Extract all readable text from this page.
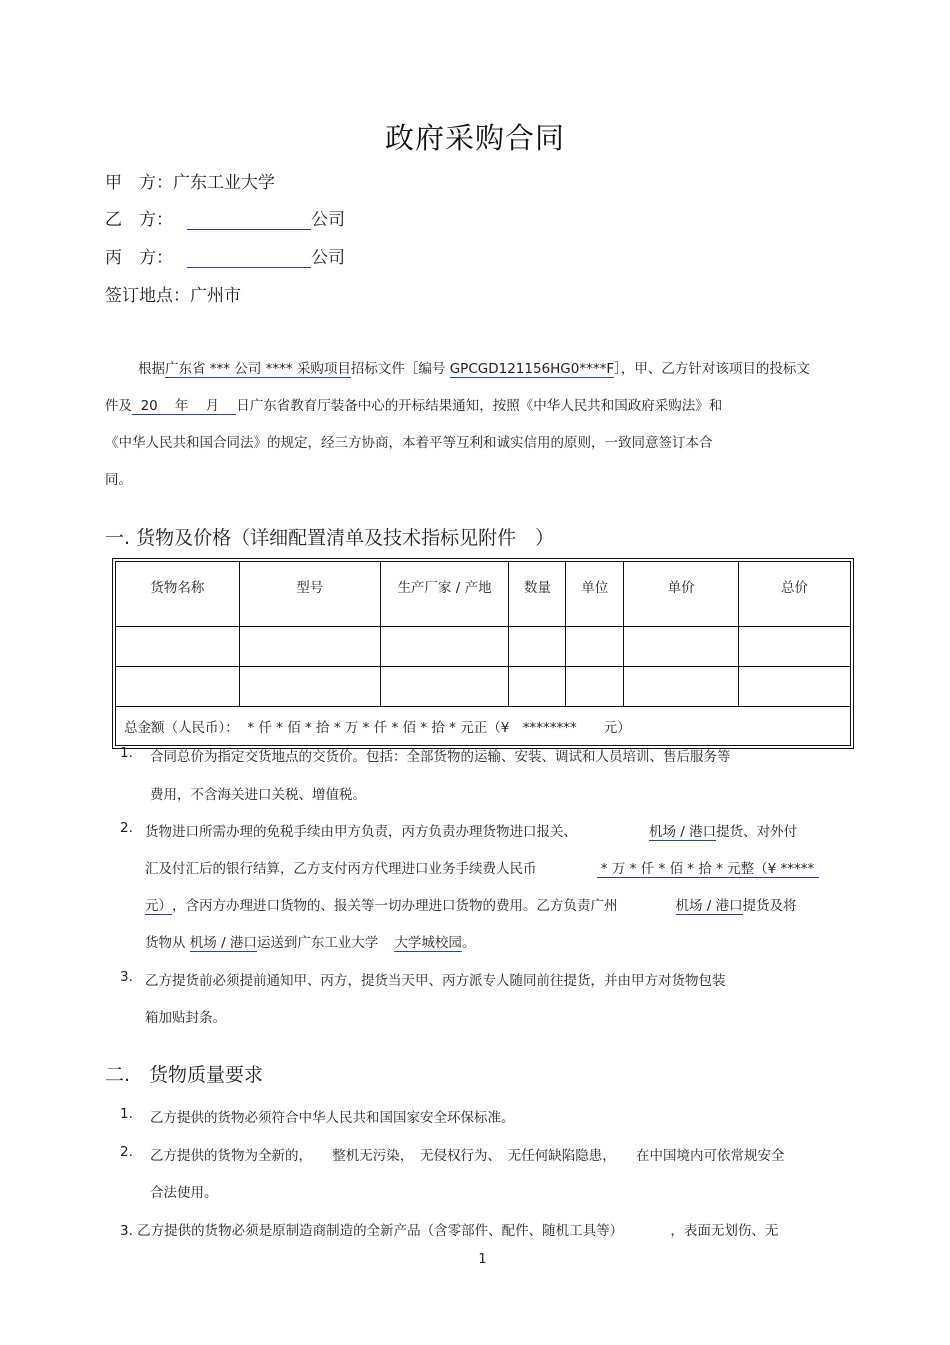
政府采购合同
甲　方：广东工业大学
乙　方：	公司
丙　方：	公司
签订地点：广州市
根据广东省 *** 公司 **** 采购项目招标文件［编号 GPCGD121156HG0****F］，甲、乙方针对该项目的投标文
件及  20    年    月    日广东省教育厅装备中心的开标结果通知，按照《中华人民共和国政府采购法》和
《中华人民共和国合同法》的规定，经三方协商，本着平等互利和诚实信用的原则，一致同意签订本合
同。
一. 货物及价格（详细配置清单及技术指标见附件　）
货物名称	型号	生产厂家 / 产地	数量	单位	单价	总价

总金额（人民币）：  * 仟 * 佰 * 拾 * 万 * 仟 * 佰 * 拾 * 元正（¥　********　　元）						
1. 合同总价为指定交货地点的交货价。包括：全部货物的运输、安装、调试和人员培训、售后服务等
费用，不含海关进口关税、增值税。
2. 货物进口所需办理的免税手续由甲方负责，丙方负责办理货物进口报关、	机场 / 港口提货、对外付
汇及付汇后的银行结算，乙方支付丙方代理进口业务手续费人民币	* 万 * 仟 * 佰 * 拾 * 元整（¥ *****
元），含丙方办理进口货物的、报关等一切办理进口货物的费用。乙方负责广州	机场 / 港口提货及将
货物从 机场 / 港口运送到广东工业大学 大学城校园。
3. 乙方提货前必须提前通知甲、丙方，提货当天甲、丙方派专人随同前往提货，并由甲方对货物包装
箱加贴封条。
二.　货物质量要求
1. 乙方提供的货物必须符合中华人民共和国国家安全环保标准。
2. 乙方提供的货物为全新的，　　整机无污染，　无侵权行为、　无任何缺陷隐患，　　在中国境内可依常规安全
合法使用。
3. 乙方提供的货物必须是原制造商制造的全新产品（含零部件、配件、随机工具等）　　　　，表面无划伤、无
1
